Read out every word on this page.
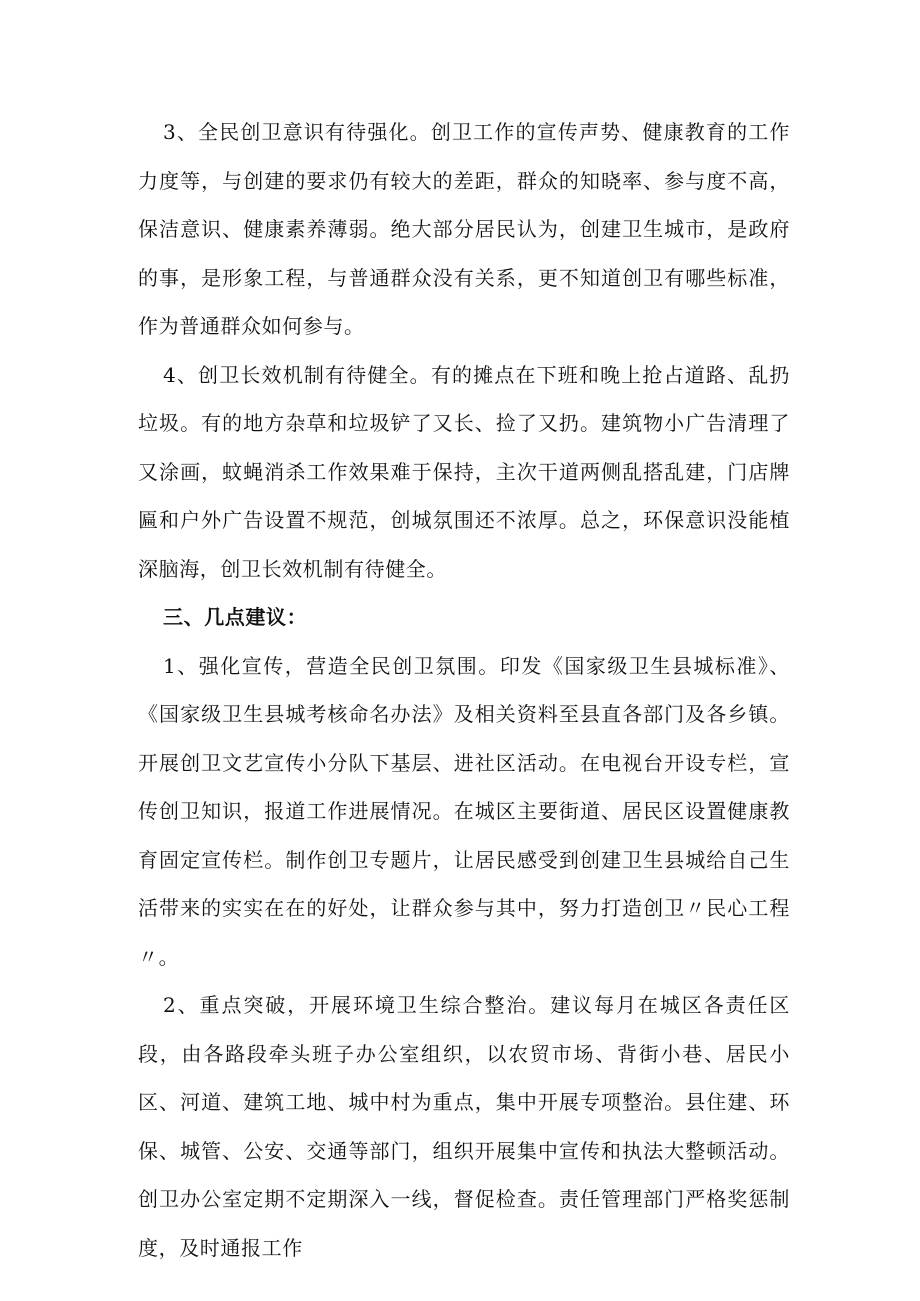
3、全民创卫意识有待强化。创卫工作的宣传声势、健康教育的工作力度等，与创建的要求仍有较大的差距，群众的知晓率、参与度不高，保洁意识、健康素养薄弱。绝大部分居民认为，创建卫生城市，是政府的事，是形象工程，与普通群众没有关系，更不知道创卫有哪些标准，作为普通群众如何参与。

4、创卫长效机制有待健全。有的摊点在下班和晚上抢占道路、乱扔垃圾。有的地方杂草和垃圾铲了又长、捡了又扔。建筑物小广告清理了又涂画，蚊蝇消杀工作效果难于保持，主次干道两侧乱搭乱建，门店牌匾和户外广告设置不规范，创城氛围还不浓厚。总之，环保意识没能植深脑海，创卫长效机制有待健全。

三、几点建议：

1、强化宣传，营造全民创卫氛围。印发《国家级卫生县城标准》、《国家级卫生县城考核命名办法》及相关资料至县直各部门及各乡镇。开展创卫文艺宣传小分队下基层、进社区活动。在电视台开设专栏，宣传创卫知识，报道工作进展情况。在城区主要街道、居民区设置健康教育固定宣传栏。制作创卫专题片，让居民感受到创建卫生县城给自己生活带来的实实在在的好处，让群众参与其中，努力打造创卫〃民心工程〃。

2、重点突破，开展环境卫生综合整治。建议每月在城区各责任区段，由各路段牵头班子办公室组织，以农贸市场、背街小巷、居民小区、河道、建筑工地、城中村为重点，集中开展专项整治。县住建、环保、城管、公安、交通等部门，组织开展集中宣传和执法大整顿活动。创卫办公室定期不定期深入一线，督促检查。责任管理部门严格奖惩制度，及时通报工作
